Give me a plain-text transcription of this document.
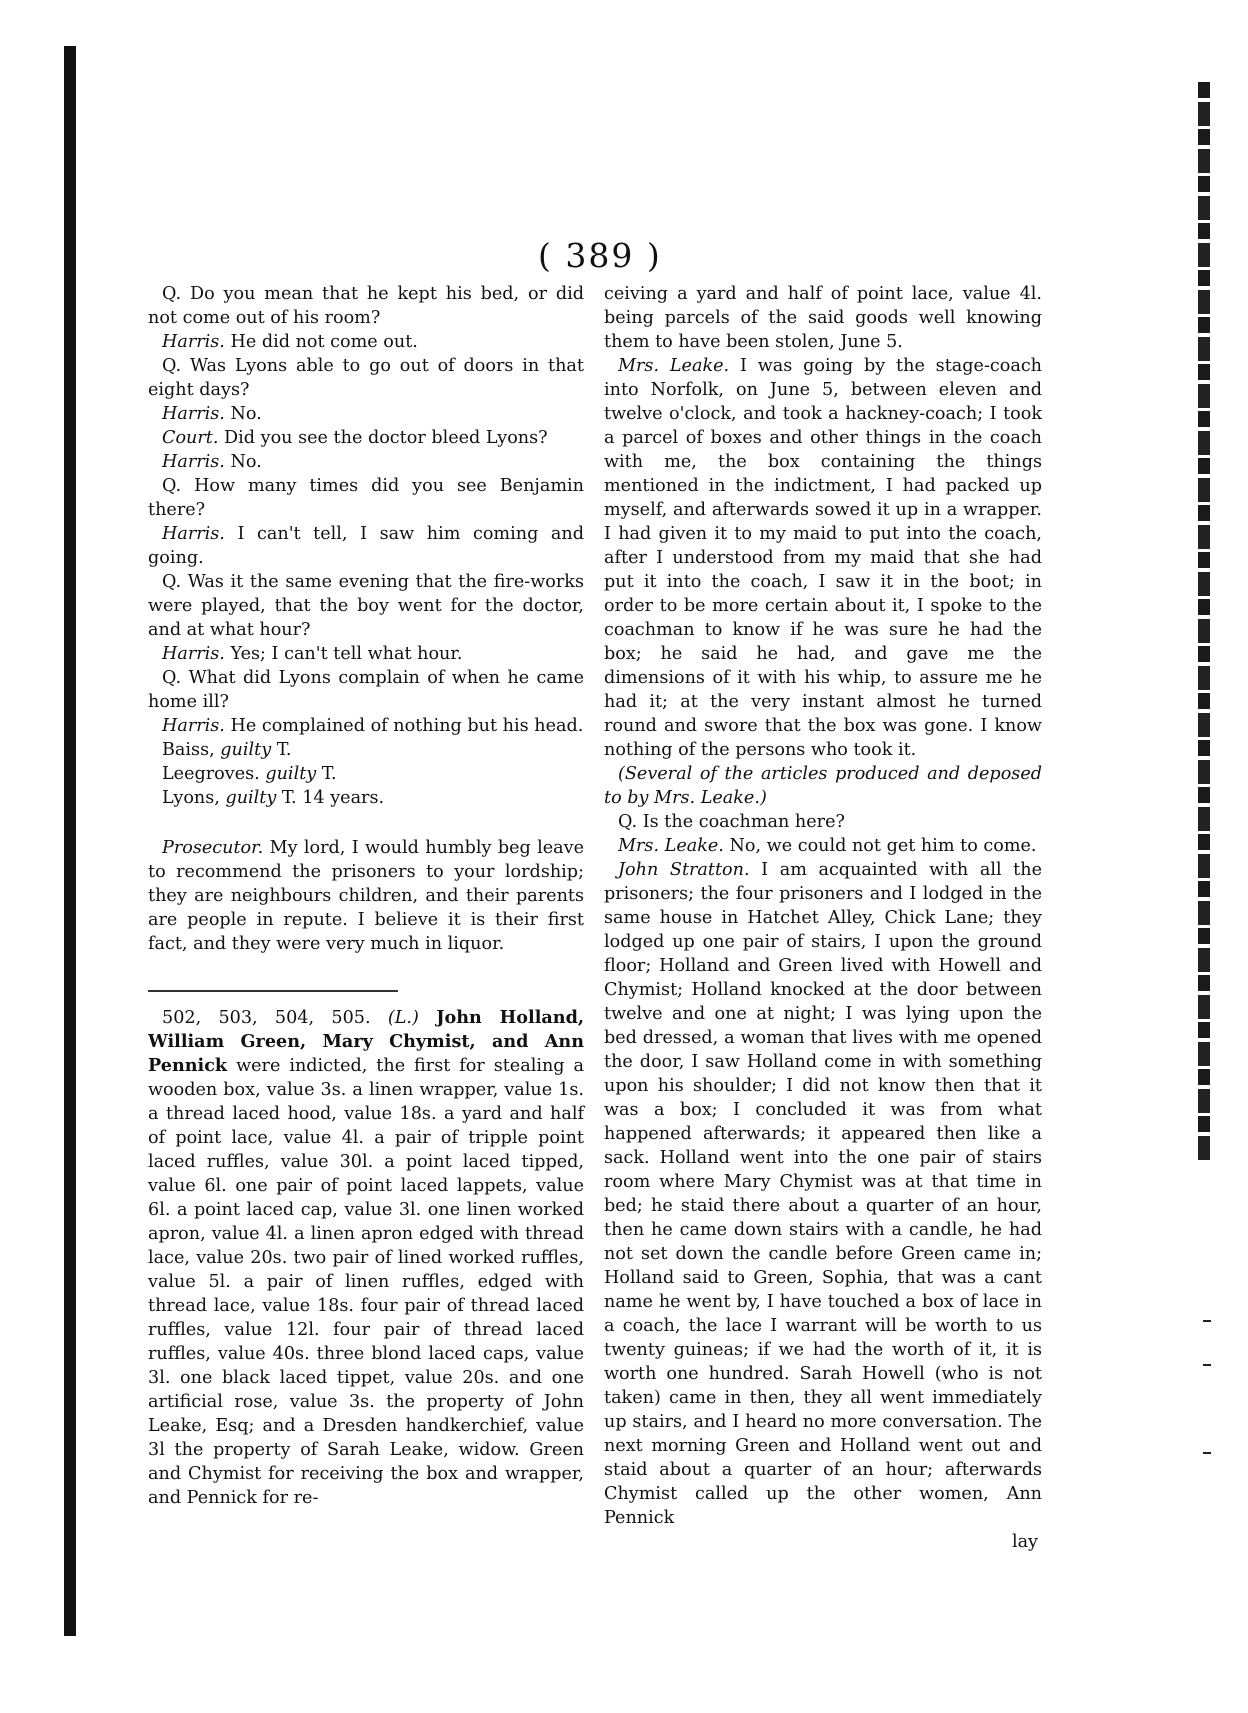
( 389 )

Q. Do you mean that he kept his bed, or did not come out of his room?

Harris. He did not come out.

Q. Was Lyons able to go out of doors in that eight days?

Harris. No.

Court. Did you see the doctor bleed Lyons?

Harris. No.

Q. How many times did you see Benjamin there?

Harris. I can't tell, I saw him coming and going.

Q. Was it the same evening that the fire-works were played, that the boy went for the doctor, and at what hour?

Harris. Yes; I can't tell what hour.

Q. What did Lyons complain of when he came home ill?

Harris. He complained of nothing but his head.

Baiss, guilty T.
Leegroves. guilty T.
Lyons, guilty T. 14 years.

Prosecutor. My lord, I would humbly beg leave to recommend the prisoners to your lordship; they are neighbours children, and their parents are people in repute. I believe it is their first fact, and they were very much in liquor.

502, 503, 504, 505. (L.) John Holland, William Green, Mary Chymist, and Ann Pennick were indicted, the first for stealing a wooden box, value 3s. a linen wrapper, value 1s. a thread laced hood, value 18s. a yard and half of point lace, value 4l. a pair of tripple point laced ruffles, value 30l. a point laced tipped, value 6l. one pair of point laced lappets, value 6l. a point laced cap, value 3l. one linen worked apron, value 4l. a linen apron edged with thread lace, value 20s. two pair of lined worked ruffles, value 5l. a pair of linen ruffles, edged with thread lace, value 18s. four pair of thread laced ruffles, value 12l. four pair of thread laced ruffles, value 40s. three blond laced caps, value 3l. one black laced tippet, value 20s. and one artificial rose, value 3s. the property of John Leake, Esq; and a Dresden handkerchief, value 3l the property of Sarah Leake, widow. Green and Chymist for receiving the box and wrapper, and Pennick for re-

ceiving a yard and half of point lace, value 4l. being parcels of the said goods well knowing them to have been stolen, June 5.

Mrs. Leake. I was going by the stage-coach into Norfolk, on June 5, between eleven and twelve o'clock, and took a hackney-coach; I took a parcel of boxes and other things in the coach with me, the box containing the things mentioned in the indictment, I had packed up myself, and afterwards sowed it up in a wrapper. I had given it to my maid to put into the coach, after I understood from my maid that she had put it into the coach, I saw it in the boot; in order to be more certain about it, I spoke to the coachman to know if he was sure he had the box; he said he had, and gave me the dimensions of it with his whip, to assure me he had it; at the very instant almost he turned round and swore that the box was gone. I know nothing of the persons who took it.

(Several of the articles produced and deposed to by Mrs. Leake.)

Q. Is the coachman here?

Mrs. Leake. No, we could not get him to come.

John Stratton. I am acquainted with all the prisoners; the four prisoners and I lodged in the same house in Hatchet Alley, Chick Lane; they lodged up one pair of stairs, I upon the ground floor; Holland and Green lived with Howell and Chymist; Holland knocked at the door between twelve and one at night; I was lying upon the bed dressed, a woman that lives with me opened the door, I saw Holland come in with something upon his shoulder; I did not know then that it was a box; I concluded it was from what happened afterwards; it appeared then like a sack. Holland went into the one pair of stairs room where Mary Chymist was at that time in bed; he staid there about a quarter of an hour, then he came down stairs with a candle, he had not set down the candle before Green came in; Holland said to Green, Sophia, that was a cant name he went by, I have touched a box of lace in a coach, the lace I warrant will be worth to us twenty guineas; if we had the worth of it, it is worth one hundred. Sarah Howell (who is not taken) came in then, they all went immediately up stairs, and I heard no more conversation. The next morning Green and Holland went out and staid about a quarter of an hour; afterwards Chymist called up the other women, Ann Pennick

lay
